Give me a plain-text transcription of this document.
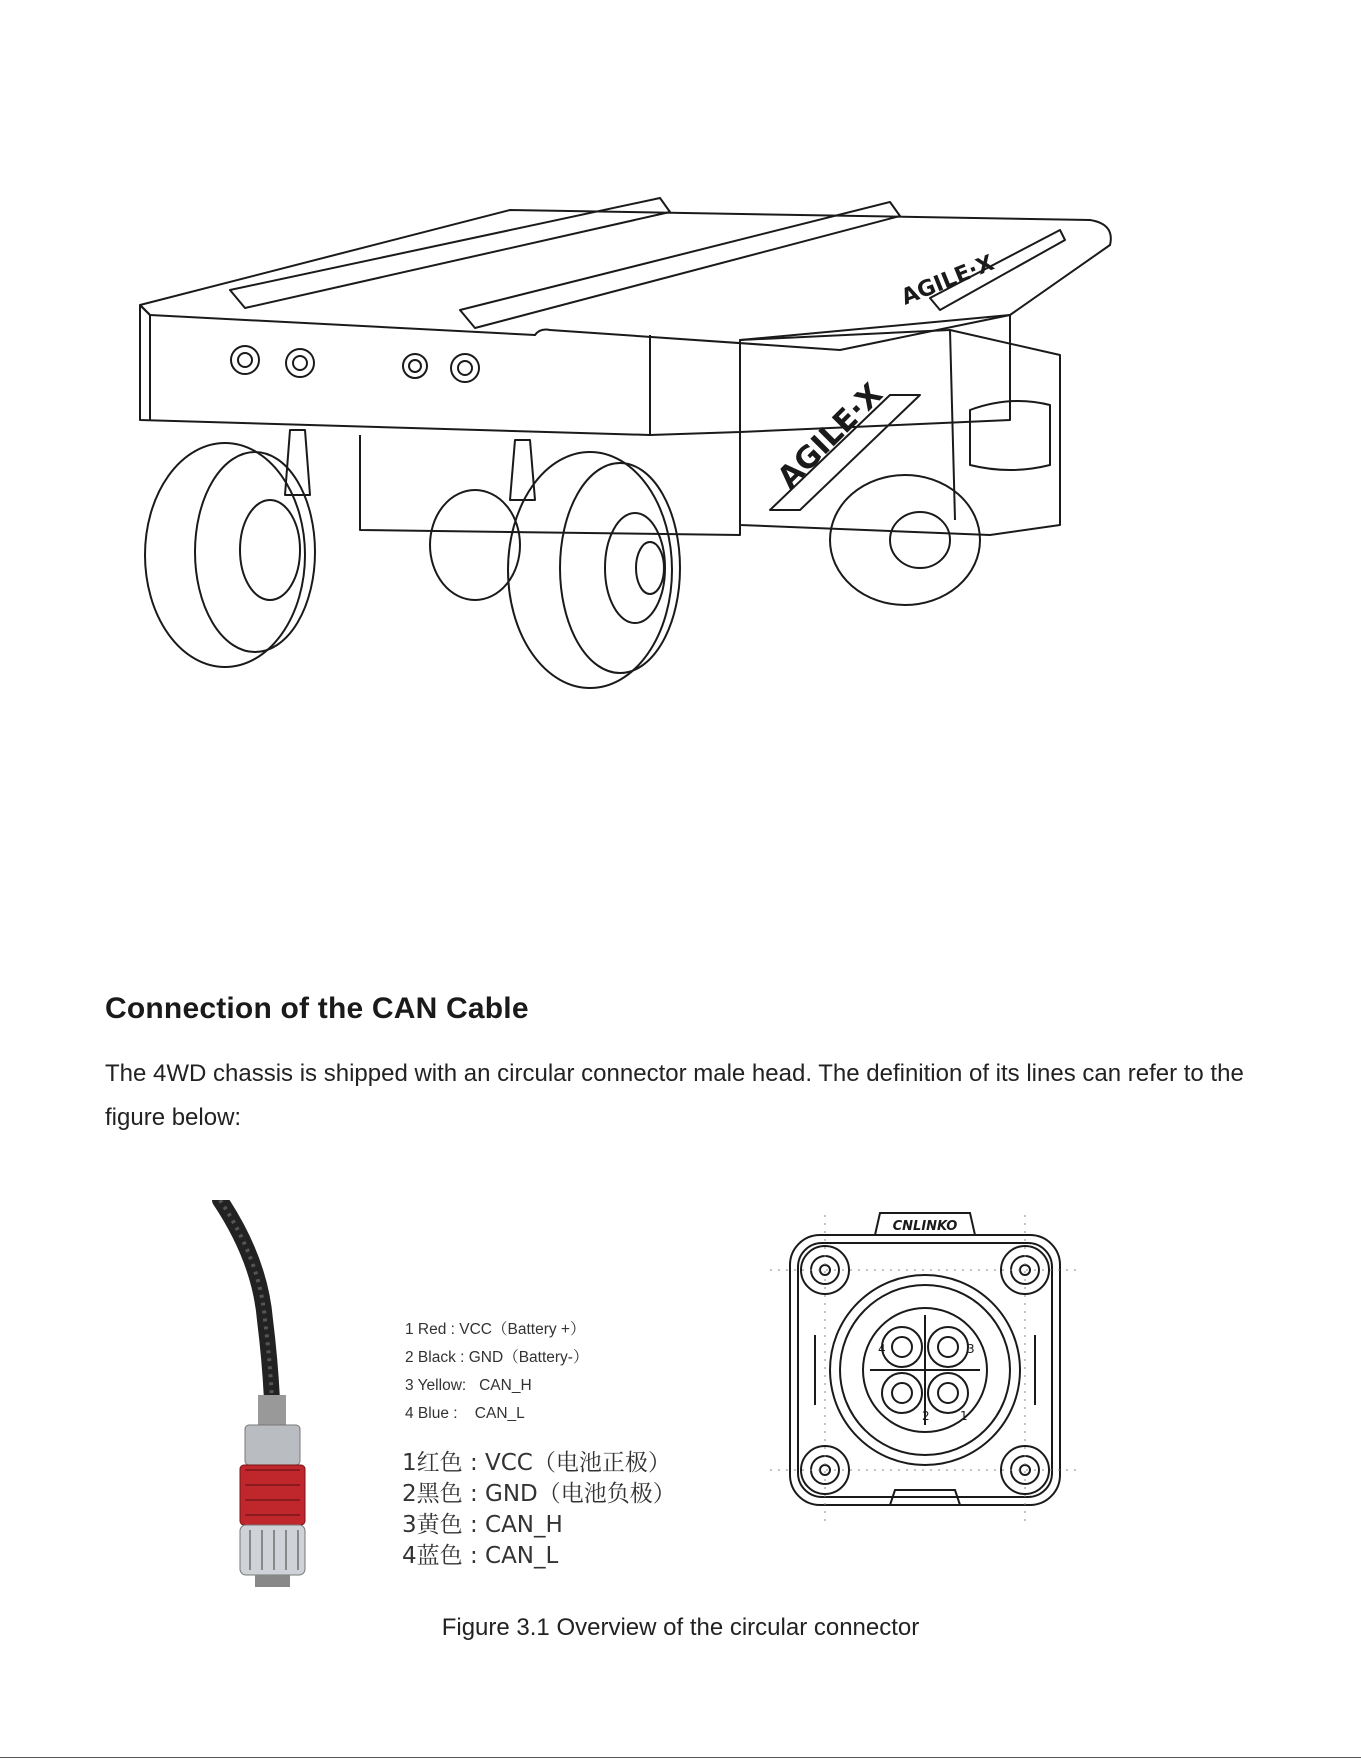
AGILE·X
AGILE·X
Connection of the CAN Cable

The 4WD chassis is shipped with an circular connector male head. The definition of its lines can refer to the figure below:

1 Red : VCC（Battery +）
2 Black : GND（Battery-）
3 Yellow:   CAN_H
4 Blue :    CAN_L
1红色 : VCC（电池正极）
2黑色 : GND（电池负极）
3黄色 : CAN_H
4蓝色 : CAN_L
CNLINKO
1
2
3
4

Figure 3.1 Overview of the circular connector
